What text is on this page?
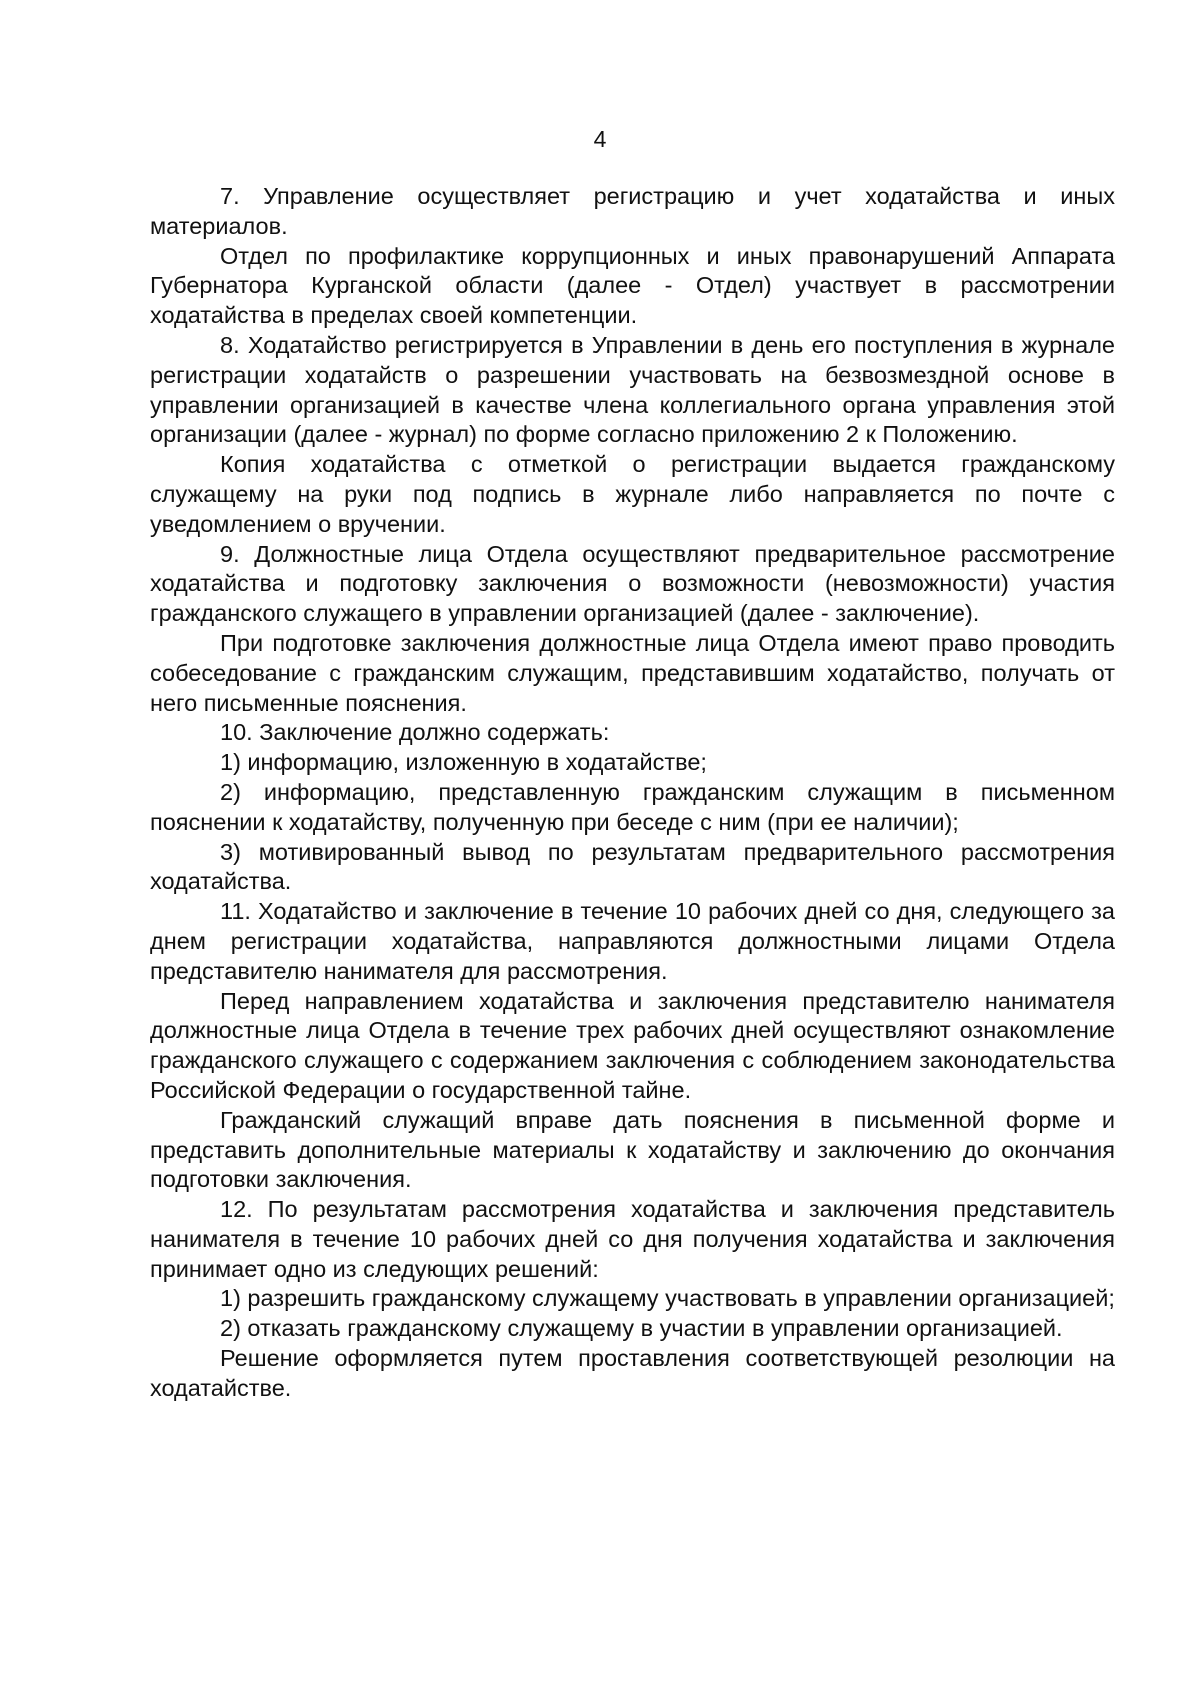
4

7. Управление осуществляет регистрацию и учет ходатайства и иных материалов.

Отдел по профилактике коррупционных и иных правонарушений Аппарата Губернатора Курганской области (далее - Отдел) участвует в рассмотрении ходатайства в пределах своей компетенции.

8. Ходатайство регистрируется в Управлении в день его поступления в журнале регистрации ходатайств о разрешении участвовать на безвозмездной основе в управлении организацией в качестве члена коллегиального органа управления этой организации (далее - журнал) по форме согласно приложению 2 к Положению.

Копия ходатайства с отметкой о регистрации выдается гражданскому служащему на руки под подпись в журнале либо направляется по почте с уведомлением о вручении.

9. Должностные лица Отдела осуществляют предварительное рассмотрение ходатайства и подготовку заключения о возможности (невозможности) участия гражданского служащего в управлении организацией (далее - заключение).

При подготовке заключения должностные лица Отдела имеют право проводить собеседование с гражданским служащим, представившим ходатайство, получать от него письменные пояснения.

10. Заключение должно содержать:

1) информацию, изложенную в ходатайстве;

2) информацию, представленную гражданским служащим в письменном пояснении к ходатайству, полученную при беседе с ним (при ее наличии);

3) мотивированный вывод по результатам предварительного рассмотрения ходатайства.

11. Ходатайство и заключение в течение 10 рабочих дней со дня, следующего за днем регистрации ходатайства, направляются должностными лицами Отдела представителю нанимателя для рассмотрения.

Перед направлением ходатайства и заключения представителю нанимателя должностные лица Отдела в течение трех рабочих дней осуществляют ознакомление гражданского служащего с содержанием заключения с соблюдением законодательства Российской Федерации о государственной тайне.

Гражданский служащий вправе дать пояснения в письменной форме и представить дополнительные материалы к ходатайству и заключению до окончания подготовки заключения.

12. По результатам рассмотрения ходатайства и заключения представитель нанимателя в течение 10 рабочих дней со дня получения ходатайства и заключения принимает одно из следующих решений:

1) разрешить гражданскому служащему участвовать в управлении организацией;

2) отказать гражданскому служащему в участии в управлении организацией.

Решение оформляется путем проставления соответствующей резолюции на ходатайстве.
